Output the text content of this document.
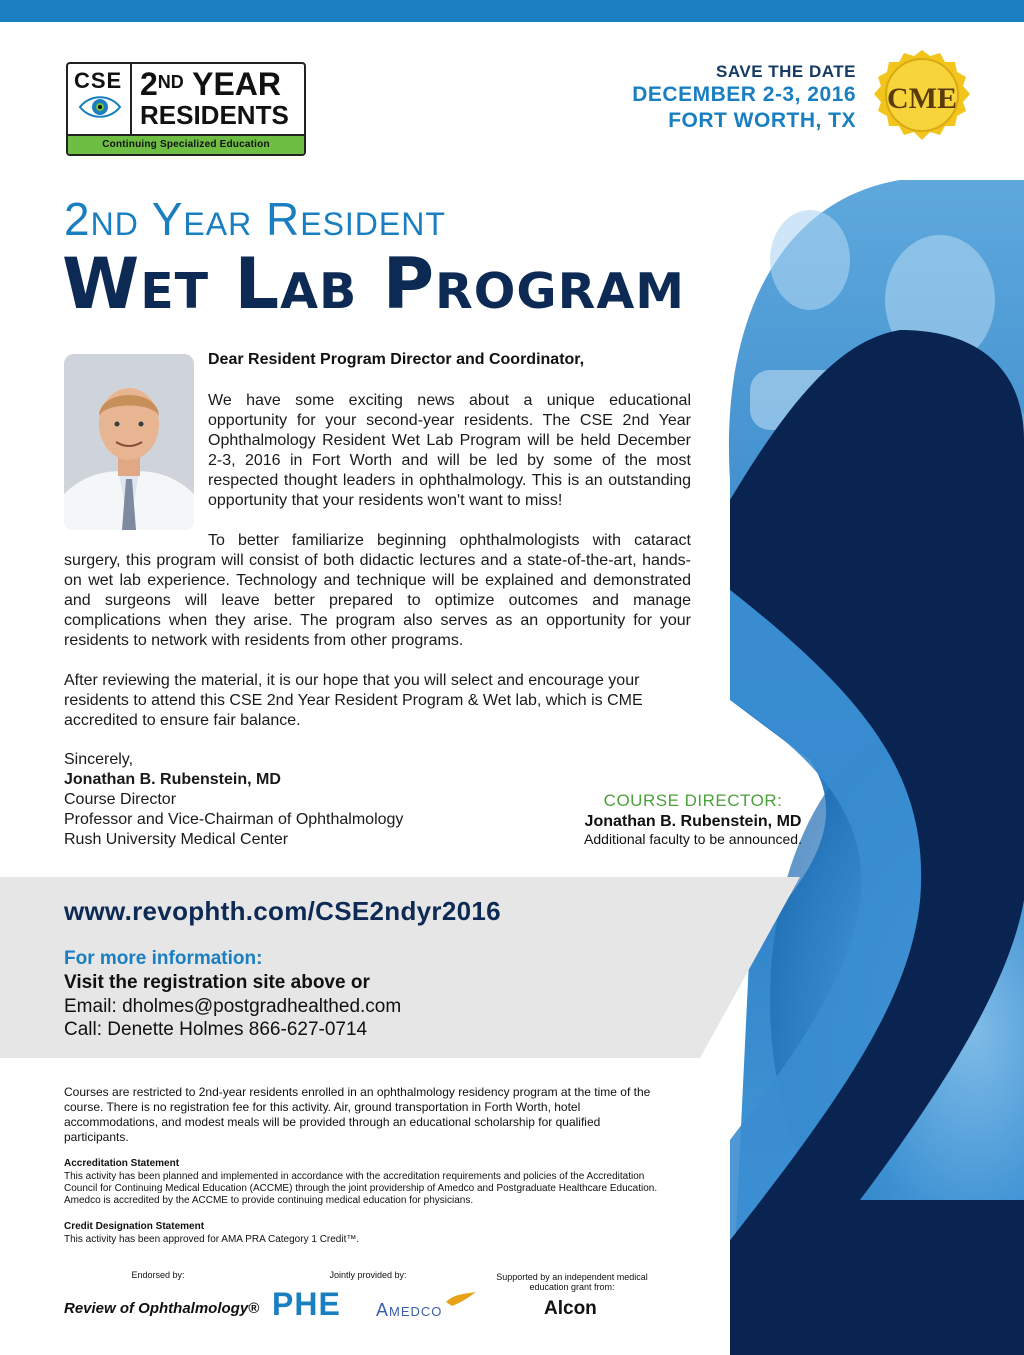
CSE 2ND YEAR
RESIDENTS
Continuing Specialized Education
SAVE THE DATE
DECEMBER 2-3, 2016
FORT WORTH, TX
CME
2nd Year Resident
Wet Lab Program
Dear Resident Program Director and Coordinator,
We have some exciting news about a unique educational opportunity for your second-year residents. The CSE 2nd Year Ophthalmology Resident Wet Lab Program will be held December 2-3, 2016 in Fort Worth and will be led by some of the most respected thought leaders in ophthalmology. This is an outstanding opportunity that your residents won't want to miss!
To better familiarize beginning ophthalmologists with cataract surgery, this program will consist of both didactic lectures and a state-of-the-art, hands-on wet lab experience. Technology and technique will be explained and demonstrated and surgeons will leave better prepared to optimize outcomes and manage complications when they arise. The program also serves as an opportunity for your residents to network with residents from other programs.
After reviewing the material, it is our hope that you will select and encourage your residents to attend this CSE 2nd Year Resident Program & Wet lab, which is CME accredited to ensure fair balance.
Sincerely,
Jonathan B. Rubenstein, MD
Course Director
Professor and Vice-Chairman of Ophthalmology
Rush University Medical Center
COURSE DIRECTOR:
Jonathan B. Rubenstein, MD
Additional faculty to be announced.
www.revophth.com/CSE2ndyr2016
For more information:
Visit the registration site above or
Email: dholmes@postgradhealthed.com
Call: Denette Holmes 866-627-0714
Courses are restricted to 2nd-year residents enrolled in an ophthalmology residency program at the time of the course. There is no registration fee for this activity. Air, ground transportation in Forth Worth, hotel accommodations, and modest meals will be provided through an educational scholarship for qualified participants.
Accreditation Statement
This activity has been planned and implemented in accordance with the accreditation requirements and policies of the Accreditation Council for Continuing Medical Education (ACCME) through the joint providership of Amedco and Postgraduate Healthcare Education. Amedco is accredited by the ACCME to provide continuing medical education for physicians.
Credit Designation Statement
This activity has been approved for AMA PRA Category 1 Credit™.
Endorsed by:
Review of Ophthalmology®
Jointly provided by:
PHE Amedco
Supported by an independent medical
education grant from:
Alcon
